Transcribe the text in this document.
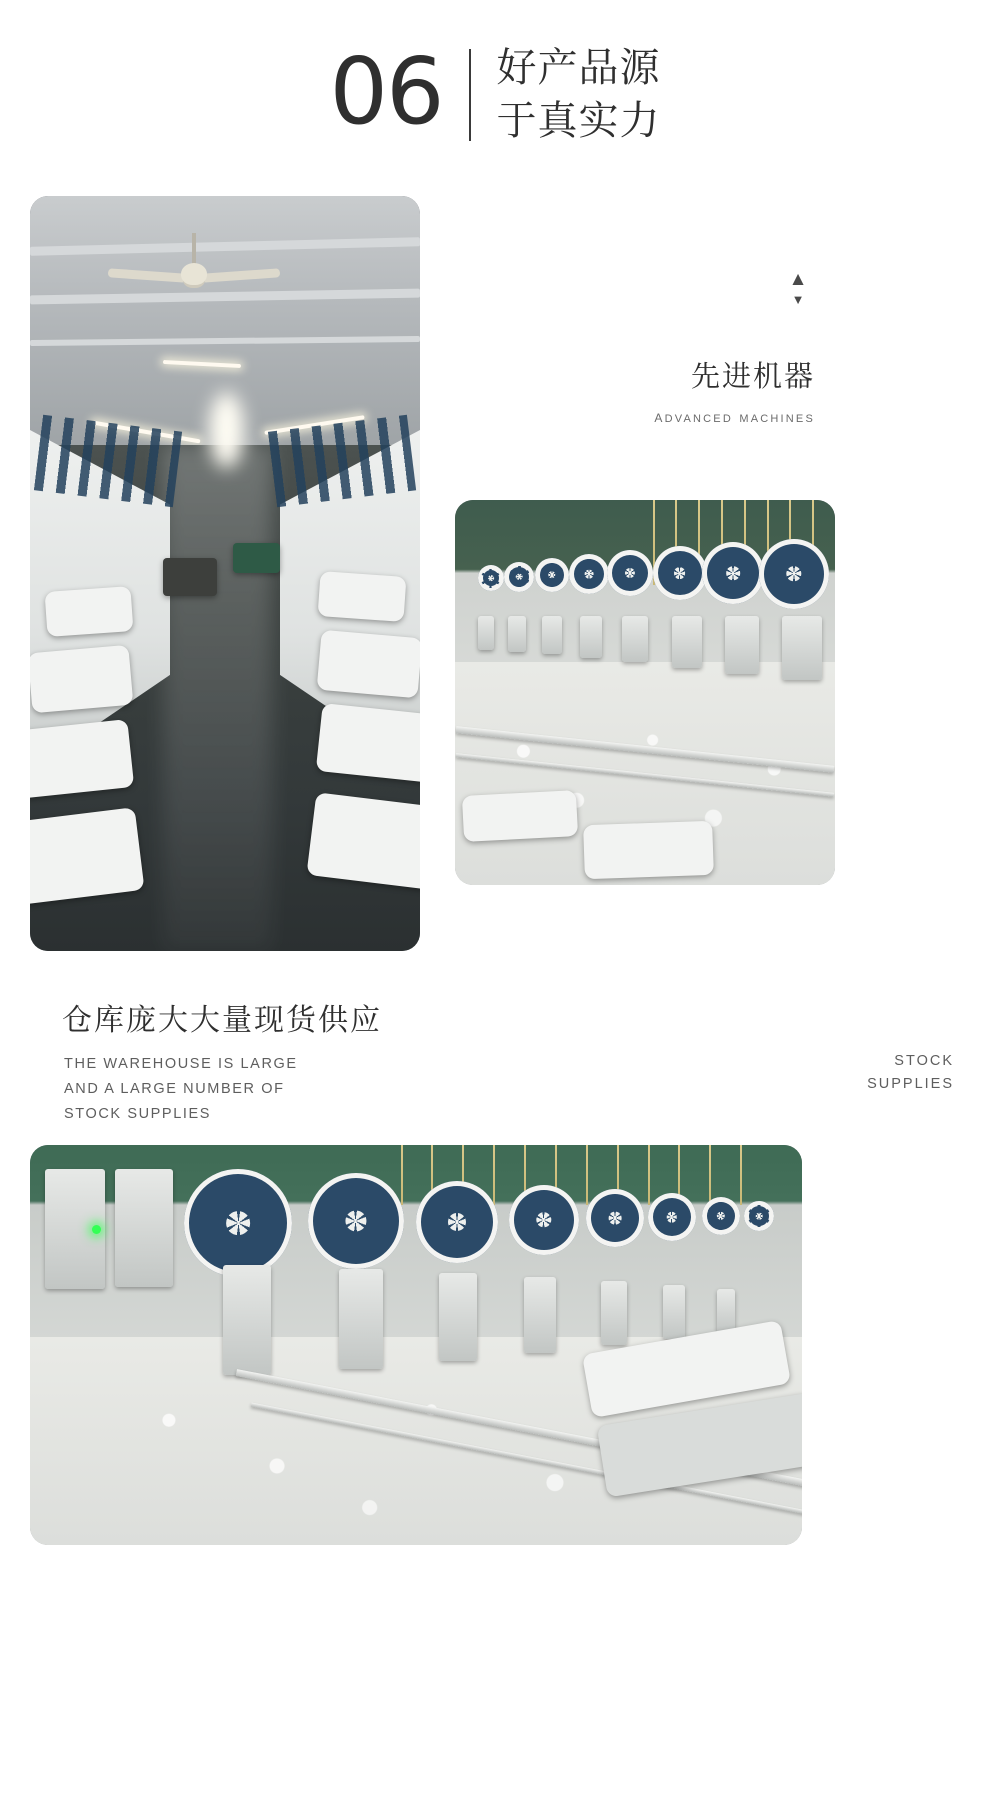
06 好产品源
于真实力
▲
▼
先进机器
advanced machines
仓库庞大大量现货供应
THE WAREHOUSE IS LARGE
AND A LARGE NUMBER OF
STOCK SUPPLIES
STOCK
SUPPLIES
